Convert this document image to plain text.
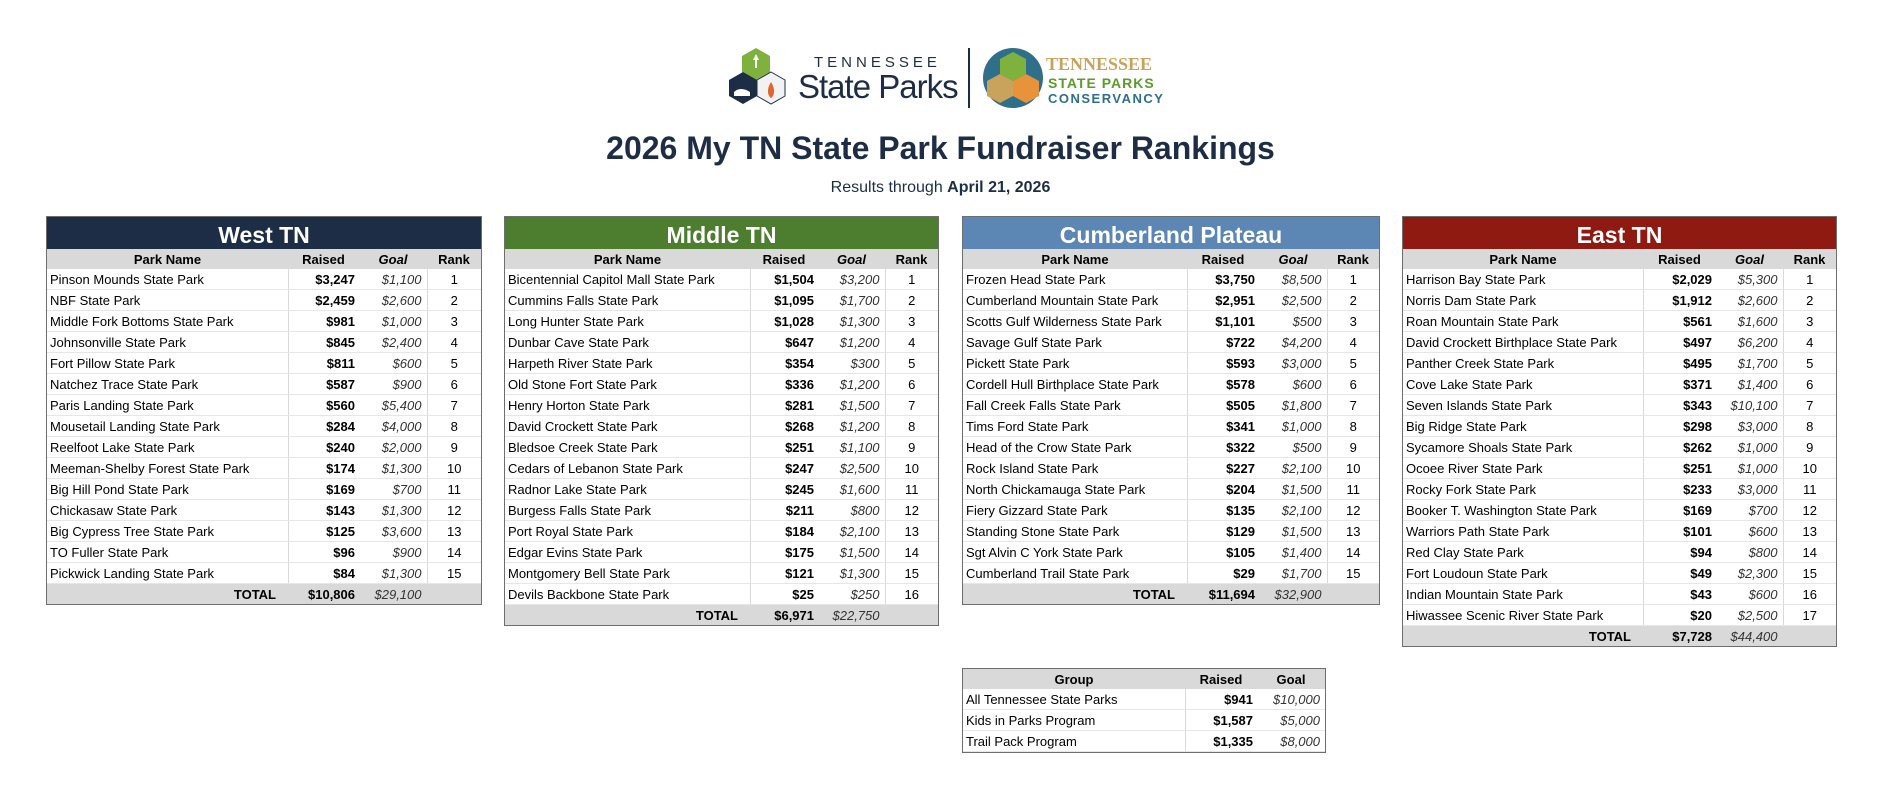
TENNESSEE
State Parks
TENNESSEE
STATE PARKS
CONSERVANCY
2026 My TN State Park Fundraiser Rankings
Results through April 21, 2026
West TN
Park Name	Raised	Goal	Rank
Pinson Mounds State Park	$3,247	$1,100	1
NBF State Park	$2,459	$2,600	2
Middle Fork Bottoms State Park	$981	$1,000	3
Johnsonville State Park	$845	$2,400	4
Fort Pillow State Park	$811	$600	5
Natchez Trace State Park	$587	$900	6
Paris Landing State Park	$560	$5,400	7
Mousetail Landing State Park	$284	$4,000	8
Reelfoot Lake State Park	$240	$2,000	9
Meeman-Shelby Forest State Park	$174	$1,300	10
Big Hill Pond State Park	$169	$700	11
Chickasaw State Park	$143	$1,300	12
Big Cypress Tree State Park	$125	$3,600	13
TO Fuller State Park	$96	$900	14
Pickwick Landing State Park	$84	$1,300	15
TOTAL	$10,806	$29,100	
Middle TN
Park Name	Raised	Goal	Rank
Bicentennial Capitol Mall State Park	$1,504	$3,200	1
Cummins Falls State Park	$1,095	$1,700	2
Long Hunter State Park	$1,028	$1,300	3
Dunbar Cave State Park	$647	$1,200	4
Harpeth River State Park	$354	$300	5
Old Stone Fort State Park	$336	$1,200	6
Henry Horton State Park	$281	$1,500	7
David Crockett State Park	$268	$1,200	8
Bledsoe Creek State Park	$251	$1,100	9
Cedars of Lebanon State Park	$247	$2,500	10
Radnor Lake State Park	$245	$1,600	11
Burgess Falls State Park	$211	$800	12
Port Royal State Park	$184	$2,100	13
Edgar Evins State Park	$175	$1,500	14
Montgomery Bell State Park	$121	$1,300	15
Devils Backbone State Park	$25	$250	16
TOTAL	$6,971	$22,750	
Cumberland Plateau
Park Name	Raised	Goal	Rank
Frozen Head State Park	$3,750	$8,500	1
Cumberland Mountain State Park	$2,951	$2,500	2
Scotts Gulf Wilderness State Park	$1,101	$500	3
Savage Gulf State Park	$722	$4,200	4
Pickett State Park	$593	$3,000	5
Cordell Hull Birthplace State Park	$578	$600	6
Fall Creek Falls State Park	$505	$1,800	7
Tims Ford State Park	$341	$1,000	8
Head of the Crow State Park	$322	$500	9
Rock Island State Park	$227	$2,100	10
North Chickamauga State Park	$204	$1,500	11
Fiery Gizzard State Park	$135	$2,100	12
Standing Stone State Park	$129	$1,500	13
Sgt Alvin C York State Park	$105	$1,400	14
Cumberland Trail State Park	$29	$1,700	15
TOTAL	$11,694	$32,900	
East TN
Park Name	Raised	Goal	Rank
Harrison Bay State Park	$2,029	$5,300	1
Norris Dam State Park	$1,912	$2,600	2
Roan Mountain State Park	$561	$1,600	3
David Crockett Birthplace State Park	$497	$6,200	4
Panther Creek State Park	$495	$1,700	5
Cove Lake State Park	$371	$1,400	6
Seven Islands State Park	$343	$10,100	7
Big Ridge State Park	$298	$3,000	8
Sycamore Shoals State Park	$262	$1,000	9
Ocoee River State Park	$251	$1,000	10
Rocky Fork State Park	$233	$3,000	11
Booker T. Washington State Park	$169	$700	12
Warriors Path State Park	$101	$600	13
Red Clay State Park	$94	$800	14
Fort Loudoun State Park	$49	$2,300	15
Indian Mountain State Park	$43	$600	16
Hiwassee Scenic River State Park	$20	$2,500	17
TOTAL	$7,728	$44,400	
Group	Raised	Goal
All Tennessee State Parks	$941	$10,000
Kids in Parks Program	$1,587	$5,000
Trail Pack Program	$1,335	$8,000
